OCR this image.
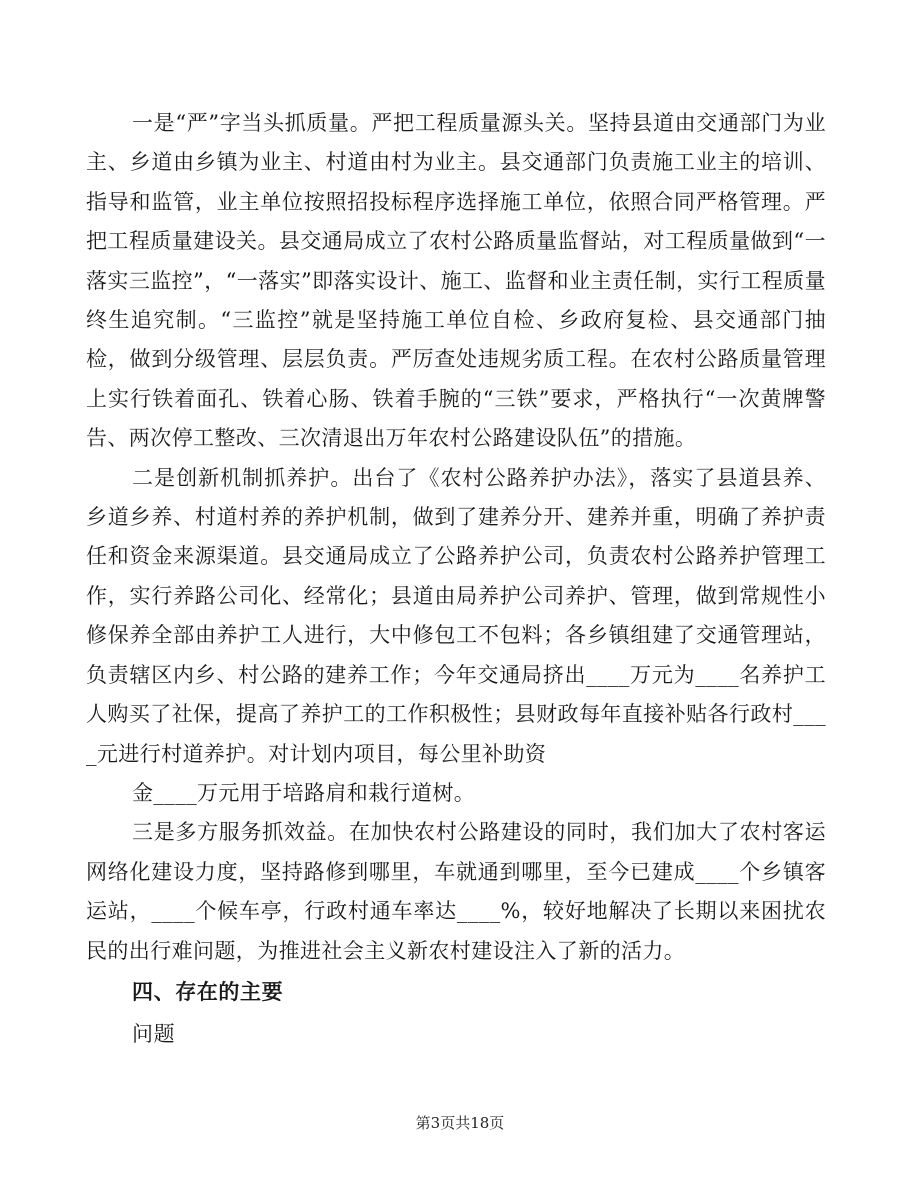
一是“严”字当头抓质量。严把工程质量源头关。坚持县道由交通部门为业主、乡道由乡镇为业主、村道由村为业主。县交通部门负责施工业主的培训、指导和监管，业主单位按照招投标程序选择施工单位，依照合同严格管理。严把工程质量建设关。县交通局成立了农村公路质量监督站，对工程质量做到“一落实三监控”，“一落实”即落实设计、施工、监督和业主责任制，实行工程质量终生追究制。“三监控”就是坚持施工单位自检、乡政府复检、县交通部门抽检，做到分级管理、层层负责。严厉查处违规劣质工程。在农村公路质量管理上实行铁着面孔、铁着心肠、铁着手腕的“三铁”要求，严格执行“一次黄牌警告、两次停工整改、三次清退出万年农村公路建设队伍”的措施。

二是创新机制抓养护。出台了《农村公路养护办法》，落实了县道县养、乡道乡养、村道村养的养护机制，做到了建养分开、建养并重，明确了养护责任和资金来源渠道。县交通局成立了公路养护公司，负责农村公路养护管理工作，实行养路公司化、经常化；县道由局养护公司养护、管理，做到常规性小修保养全部由养护工人进行，大中修包工不包料；各乡镇组建了交通管理站，负责辖区内乡、村公路的建养工作；今年交通局挤出____万元为____名养护工人购买了社保，提高了养护工的工作积极性；县财政每年直接补贴各行政村____元进行村道养护。对计划内项目，每公里补助资

金____万元用于培路肩和栽行道树。

三是多方服务抓效益。在加快农村公路建设的同时，我们加大了农村客运网络化建设力度，坚持路修到哪里，车就通到哪里，至今已建成____个乡镇客运站，____个候车亭，行政村通车率达____%，较好地解决了长期以来困扰农民的出行难问题，为推进社会主义新农村建设注入了新的活力。

四、存在的主要

问题

第3页共18页
